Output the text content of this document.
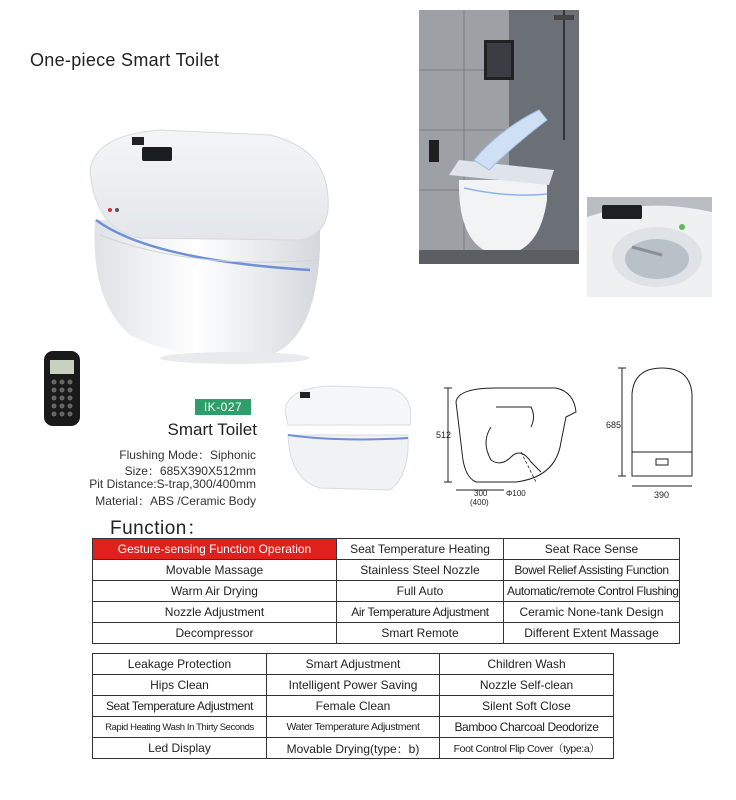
One-piece Smart Toilet
IK-027
Smart Toilet
Flushing Mode：Siphonic
Size：685X390X512mm
Pit Distance:S-trap,300/400mm
Material：ABS /Ceramic Body
512
300
(400)
Φ100
685
390
Function：
Gesture-sensing Function Operation	Seat Temperature Heating	Seat Race Sense
Movable Massage	Stainless Steel Nozzle	Bowel Relief Assisting Function
Warm Air Drying	Full Auto	Automatic/remote Control Flushing
Nozzle Adjustment	Air Temperature Adjustment	Ceramic None-tank Design
Decompressor	Smart Remote	Different Extent Massage
Leakage Protection	Smart Adjustment	Children Wash
Hips Clean	Intelligent Power Saving	Nozzle Self-clean
Seat Temperature Adjustment	Female Clean	Silent Soft Close
Rapid Heating Wash In Thirty Seconds	Water Temperature Adjustment	Bamboo Charcoal Deodorize
Led Display	Movable Drying(type：b)	Foot Control Flip Cover（type:a）
